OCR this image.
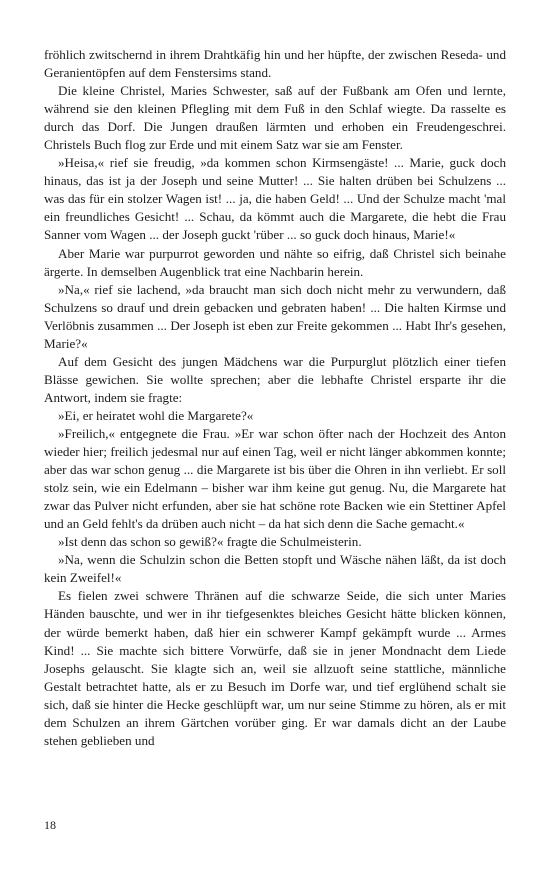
fröhlich zwitschernd in ihrem Drahtkäfig hin und her hüpfte, der zwischen Reseda- und Geranientöpfen auf dem Fenstersims stand.

Die kleine Christel, Maries Schwester, saß auf der Fußbank am Ofen und lernte, während sie den kleinen Pflegling mit dem Fuß in den Schlaf wiegte. Da rasselte es durch das Dorf. Die Jungen draußen lärmten und erhoben ein Freudengeschrei. Christels Buch flog zur Erde und mit einem Satz war sie am Fenster.

»Heisa,« rief sie freudig, »da kommen schon Kirmsengäste! ... Marie, guck doch hinaus, das ist ja der Joseph und seine Mutter! ... Sie halten drüben bei Schulzens ... was das für ein stolzer Wagen ist! ... ja, die haben Geld! ... Und der Schulze macht 'mal ein freundliches Gesicht! ... Schau, da kömmt auch die Margarete, die hebt die Frau Sanner vom Wagen ... der Joseph guckt 'rüber ... so guck doch hinaus, Marie!«

Aber Marie war purpurrot geworden und nähte so eifrig, daß Christel sich beinahe ärgerte. In demselben Augenblick trat eine Nachbarin herein.

»Na,« rief sie lachend, »da braucht man sich doch nicht mehr zu verwundern, daß Schulzens so drauf und drein gebacken und gebraten haben! ... Die halten Kirmse und Verlöbnis zusammen ... Der Joseph ist eben zur Freite gekommen ... Habt Ihr's gesehen, Marie?«

Auf dem Gesicht des jungen Mädchens war die Purpurglut plötzlich einer tiefen Blässe gewichen. Sie wollte sprechen; aber die lebhafte Christel ersparte ihr die Antwort, indem sie fragte:

»Ei, er heiratet wohl die Margarete?«

»Freilich,« entgegnete die Frau. »Er war schon öfter nach der Hochzeit des Anton wieder hier; freilich jedesmal nur auf einen Tag, weil er nicht länger abkommen konnte; aber das war schon genug ... die Margarete ist bis über die Ohren in ihn verliebt. Er soll stolz sein, wie ein Edelmann – bisher war ihm keine gut genug. Nu, die Margarete hat zwar das Pulver nicht erfunden, aber sie hat schöne rote Backen wie ein Stettiner Apfel und an Geld fehlt's da drüben auch nicht – da hat sich denn die Sache gemacht.«

»Ist denn das schon so gewiß?« fragte die Schulmeisterin.

»Na, wenn die Schulzin schon die Betten stopft und Wäsche nähen läßt, da ist doch kein Zweifel!«

Es fielen zwei schwere Thränen auf die schwarze Seide, die sich unter Maries Händen bauschte, und wer in ihr tiefgesenktes bleiches Gesicht hätte blicken können, der würde bemerkt haben, daß hier ein schwerer Kampf gekämpft wurde ... Armes Kind! ... Sie machte sich bittere Vorwürfe, daß sie in jener Mondnacht dem Liede Josephs gelauscht. Sie klagte sich an, weil sie allzuoft seine stattliche, männliche Gestalt betrachtet hatte, als er zu Besuch im Dorfe war, und tief erglühend schalt sie sich, daß sie hinter die Hecke geschlüpft war, um nur seine Stimme zu hören, als er mit dem Schulzen an ihrem Gärtchen vorüber ging. Er war damals dicht an der Laube stehen geblieben und

18
